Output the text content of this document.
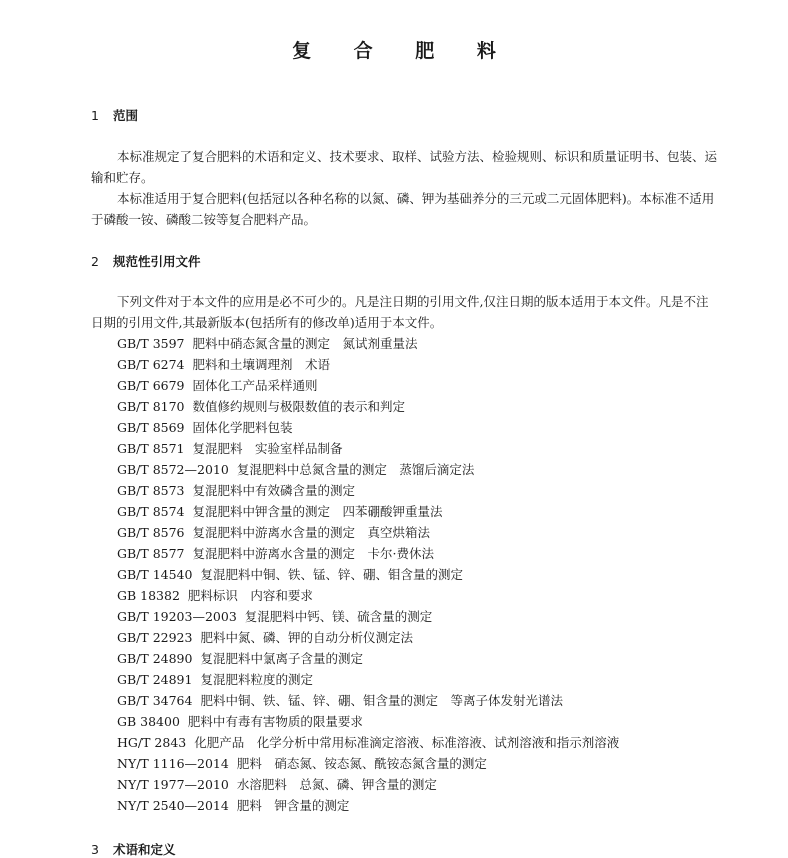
复 合 肥 料
1 范围
本标准规定了复合肥料的术语和定义、技术要求、取样、试验方法、检验规则、标识和质量证明书、包装、运输和贮存。
本标准适用于复合肥料(包括冠以各种名称的以氮、磷、钾为基础养分的三元或二元固体肥料)。本标准不适用于磷酸一铵、磷酸二铵等复合肥料产品。
2 规范性引用文件
下列文件对于本文件的应用是必不可少的。凡是注日期的引用文件,仅注日期的版本适用于本文件。凡是不注日期的引用文件,其最新版本(包括所有的修改单)适用于本文件。
GB/T 3597 肥料中硝态氮含量的测定　氮试剂重量法
GB/T 6274 肥料和土壤调理剂　术语
GB/T 6679 固体化工产品采样通则
GB/T 8170 数值修约规则与极限数值的表示和判定
GB/T 8569 固体化学肥料包装
GB/T 8571 复混肥料　实验室样品制备
GB/T 8572—2010 复混肥料中总氮含量的测定　蒸馏后滴定法
GB/T 8573 复混肥料中有效磷含量的测定
GB/T 8574 复混肥料中钾含量的测定　四苯硼酸钾重量法
GB/T 8576 复混肥料中游离水含量的测定　真空烘箱法
GB/T 8577 复混肥料中游离水含量的测定　卡尔·费休法
GB/T 14540 复混肥料中铜、铁、锰、锌、硼、钼含量的测定
GB 18382 肥料标识　内容和要求
GB/T 19203—2003 复混肥料中钙、镁、硫含量的测定
GB/T 22923 肥料中氮、磷、钾的自动分析仪测定法
GB/T 24890 复混肥料中氯离子含量的测定
GB/T 24891 复混肥料粒度的测定
GB/T 34764 肥料中铜、铁、锰、锌、硼、钼含量的测定　等离子体发射光谱法
GB 38400 肥料中有毒有害物质的限量要求
HG/T 2843 化肥产品　化学分析中常用标准滴定溶液、标准溶液、试剂溶液和指示剂溶液
NY/T 1116—2014 肥料　硝态氮、铵态氮、酰铵态氮含量的测定
NY/T 1977—2010 水溶肥料　总氮、磷、钾含量的测定
NY/T 2540—2014 肥料　钾含量的测定
3 术语和定义
